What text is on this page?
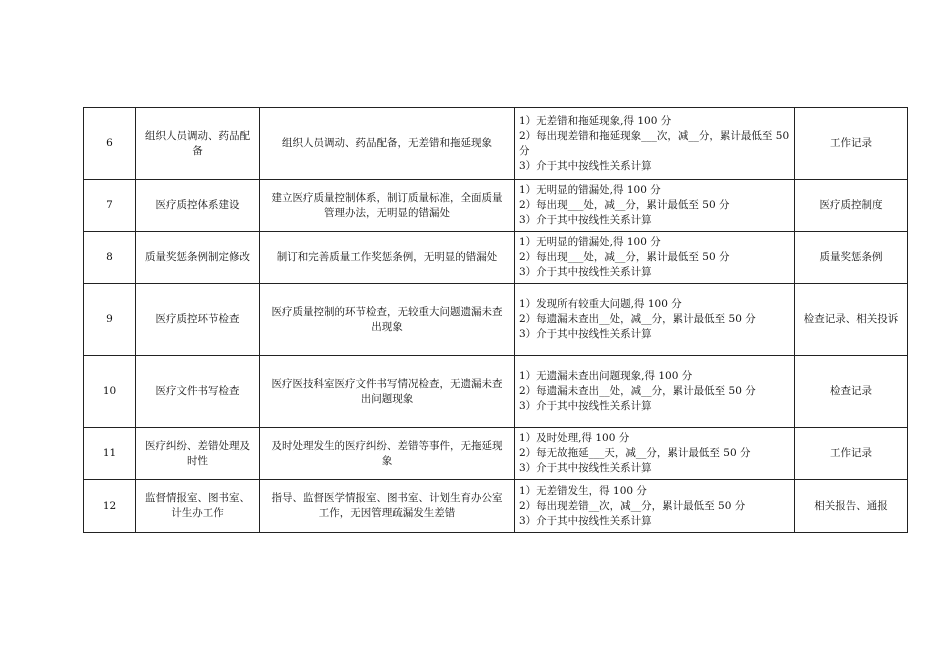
6	组织人员调动、药品配备	组织人员调动、药品配备，无差错和拖延现象	1）无差错和拖延现象,得 100 分
2）每出现差错和拖延现象___次，减__分，累计最低至 50 分
3）介于其中按线性关系计算	工作记录
7	医疗质控体系建设	建立医疗质量控制体系，制订质量标准，全面质量管理办法，无明显的错漏处	1）无明显的错漏处,得 100 分
2）每出现___处，减__分，累计最低至 50 分
3）介于其中按线性关系计算	医疗质控制度
8	质量奖惩条例制定修改	制订和完善质量工作奖惩条例，无明显的错漏处	1）无明显的错漏处,得 100 分
2）每出现___处，减__分，累计最低至 50 分
3）介于其中按线性关系计算	质量奖惩条例
9	医疗质控环节检查	医疗质量控制的环节检查，无较重大问题遗漏未查出现象	1）发现所有较重大问题,得 100 分
2）每遗漏未查出__处，减__分，累计最低至 50 分
3）介于其中按线性关系计算	检查记录、相关投诉
10	医疗文件书写检查	医疗医技科室医疗文件书写情况检查，无遗漏未查出问题现象	1）无遗漏未查出问题现象,得 100 分
2）每遗漏未查出__处，减__分，累计最低至 50 分
3）介于其中按线性关系计算	检查记录
11	医疗纠纷、差错处理及时性	及时处理发生的医疗纠纷、差错等事件，无拖延现象	1）及时处理,得 100 分
2）每无故拖延___天，减__分，累计最低至 50 分
3）介于其中按线性关系计算	工作记录
12	监督情报室、图书室、计生办工作	指导、监督医学情报室、图书室、计划生育办公室工作，无因管理疏漏发生差错	1）无差错发生，得 100 分
2）每出现差错__次，减__分，累计最低至 50 分
3）介于其中按线性关系计算	相关报告、通报
